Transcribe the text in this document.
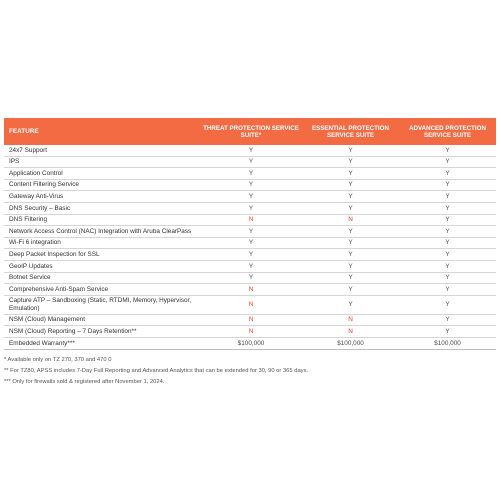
FEATURE	THREAT PROTECTION SERVICE SUITE*	ESSENTIAL PROTECTION SERVICE SUITE	ADVANCED PROTECTION SERVICE SUITE
24x7 Support	Y	Y	Y
IPS	Y	Y	Y
Application Control	Y	Y	Y
Content Filtering Service	Y	Y	Y
Gateway Anti-Virus	Y	Y	Y
DNS Security – Basic	Y	Y	Y
DNS Filtering	N	N	Y
Network Access Control (NAC) Integration with Aruba ClearPass	Y	Y	Y
Wi-Fi 6 integration	Y	Y	Y
Deep Packet Inspection for SSL	Y	Y	Y
GeoIP Updates	Y	Y	Y
Botnet Service	Y	Y	Y
Comprehensive Anti-Spam Service	N	Y	Y
Capture ATP – Sandboxing (Static, RTDMI, Memory, Hypervisor, Emulation)	N	Y	Y
NSM (Cloud) Management	N	N	Y
NSM (Cloud) Reporting – 7 Days Retention**	N	N	Y
Embedded Warranty***	$100,000	$100,000	$100,000
* Available only on TZ 270, 370 and 470 0
** For TZ80, APSS includes 7-Day Full Reporting and Advanced Analytics that can be extended for 30, 90 or 365 days.
*** Only for firewalls sold & registered after November 1, 2024.
